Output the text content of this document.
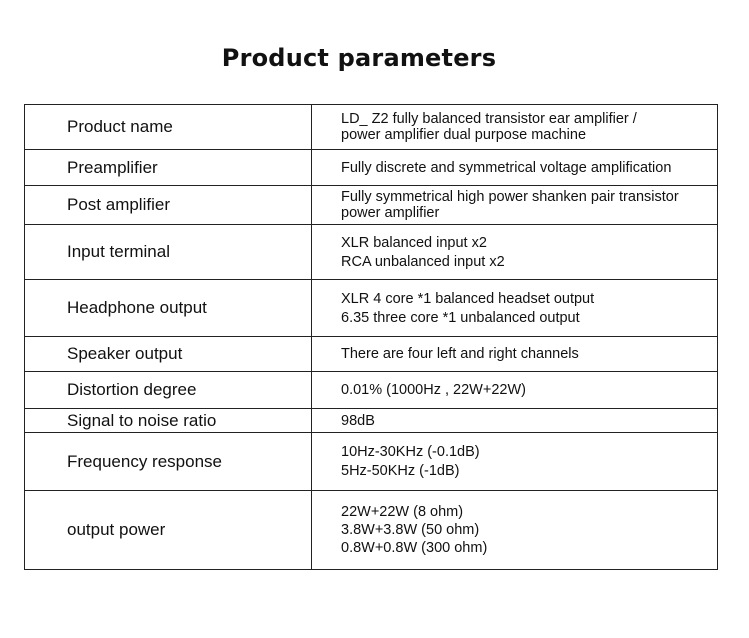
Product parameters
Product name	LD_ Z2 fully balanced transistor ear amplifier /
power amplifier dual purpose machine

Preamplifier	Fully discrete and symmetrical voltage amplification

Post amplifier	Fully symmetrical high power shanken pair transistor
power amplifier

Input terminal	XLR balanced input x2
RCA unbalanced input x2

Headphone output	XLR 4 core *1 balanced headset output
6.35 three core *1 unbalanced output

Speaker output	There are four left and right channels

Distortion degree	0.01% (1000Hz , 22W+22W)

Signal to noise ratio	98dB

Frequency response	10Hz-30KHz (-0.1dB)
5Hz-50KHz (-1dB)

output power	22W+22W (8 ohm)
3.8W+3.8W (50 ohm)
0.8W+0.8W (300 ohm)
